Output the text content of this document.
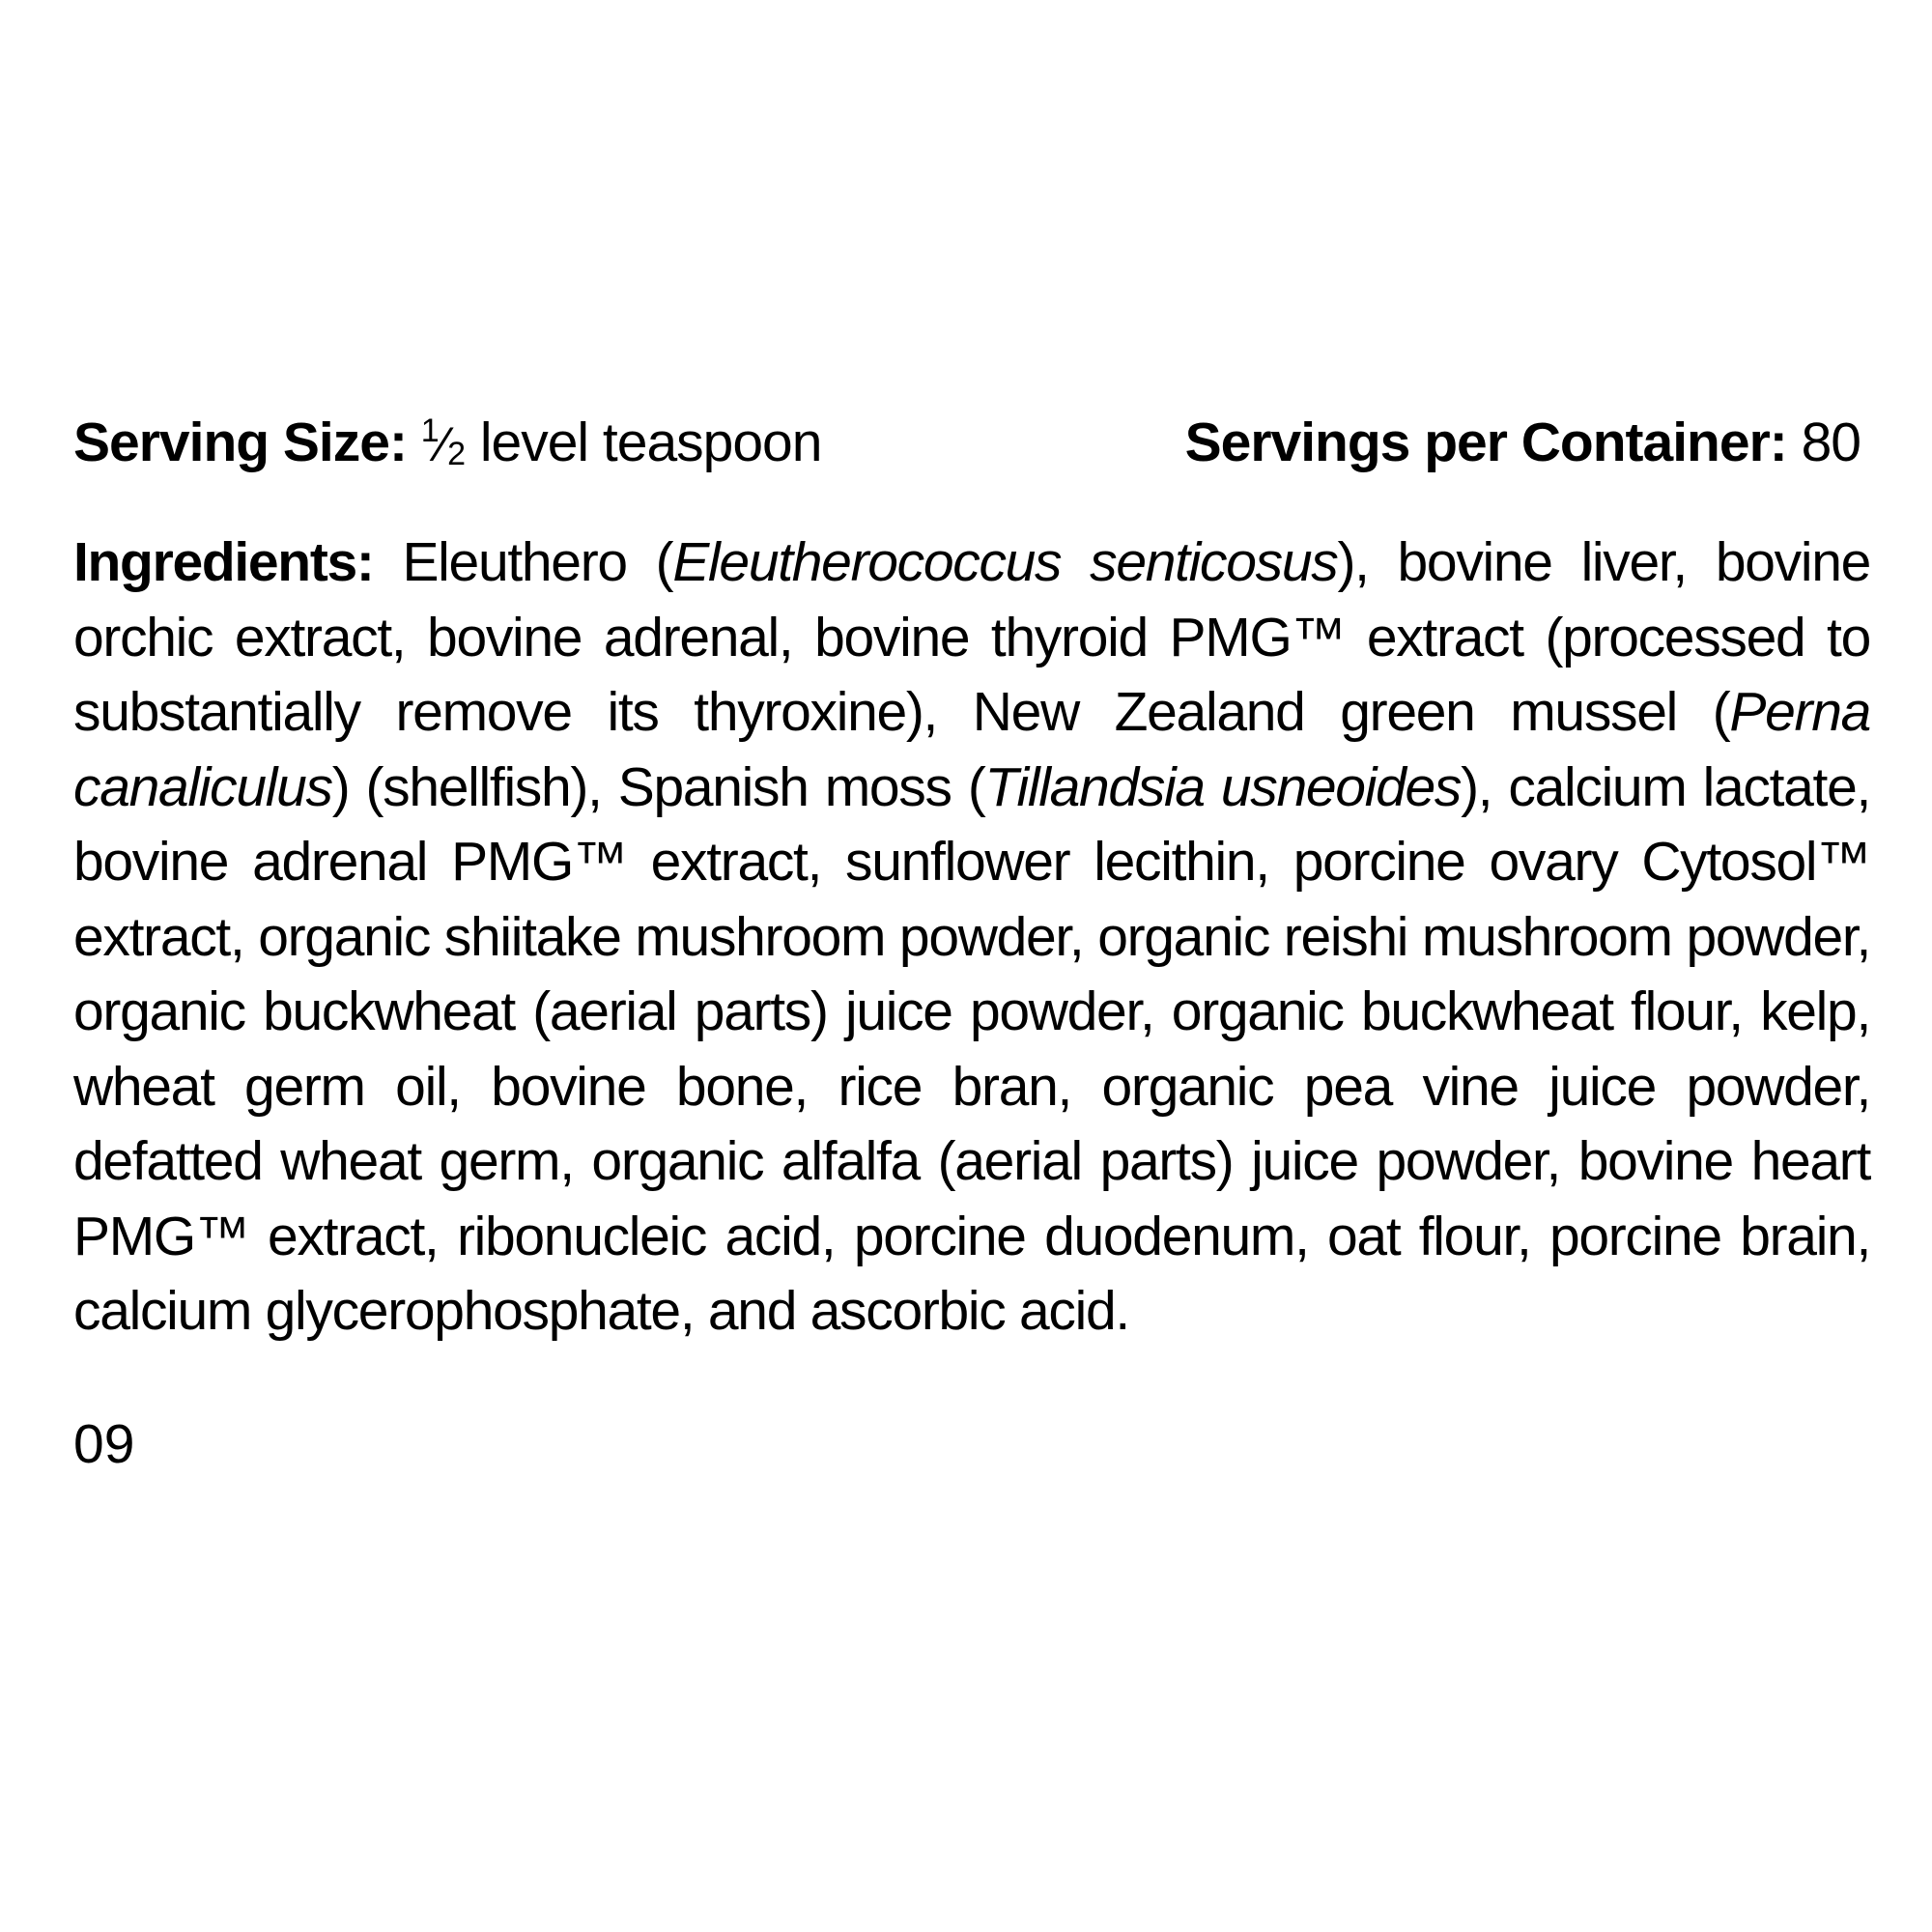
Serving Size: $^1⁄_2$ level teaspoon	Servings per Container: 80
Ingredients: Eleuthero (Eleutherococcus senticosus), bovine liver, bovine orchic extract, bovine adrenal, bovine thyroid PMG™ extract (processed to substantially remove its thyroxine), New Zealand green mussel (Perna canaliculus) (shellfish), Spanish moss (Tillandsia usneoides), calcium lactate, bovine adrenal PMG™ extract, sunflower lecithin, porcine ovary Cytosol™ extract, organic shiitake mushroom powder, organic reishi mushroom powder, organic buckwheat (aerial parts) juice powder, organic buckwheat flour, kelp, wheat germ oil, bovine bone, rice bran, organic pea vine juice powder, defatted wheat germ, organic alfalfa (aerial parts) juice powder, bovine heart PMG™ extract, ribonucleic acid, porcine duodenum, oat flour, porcine brain, calcium glycerophosphate, and ascorbic acid.
09
